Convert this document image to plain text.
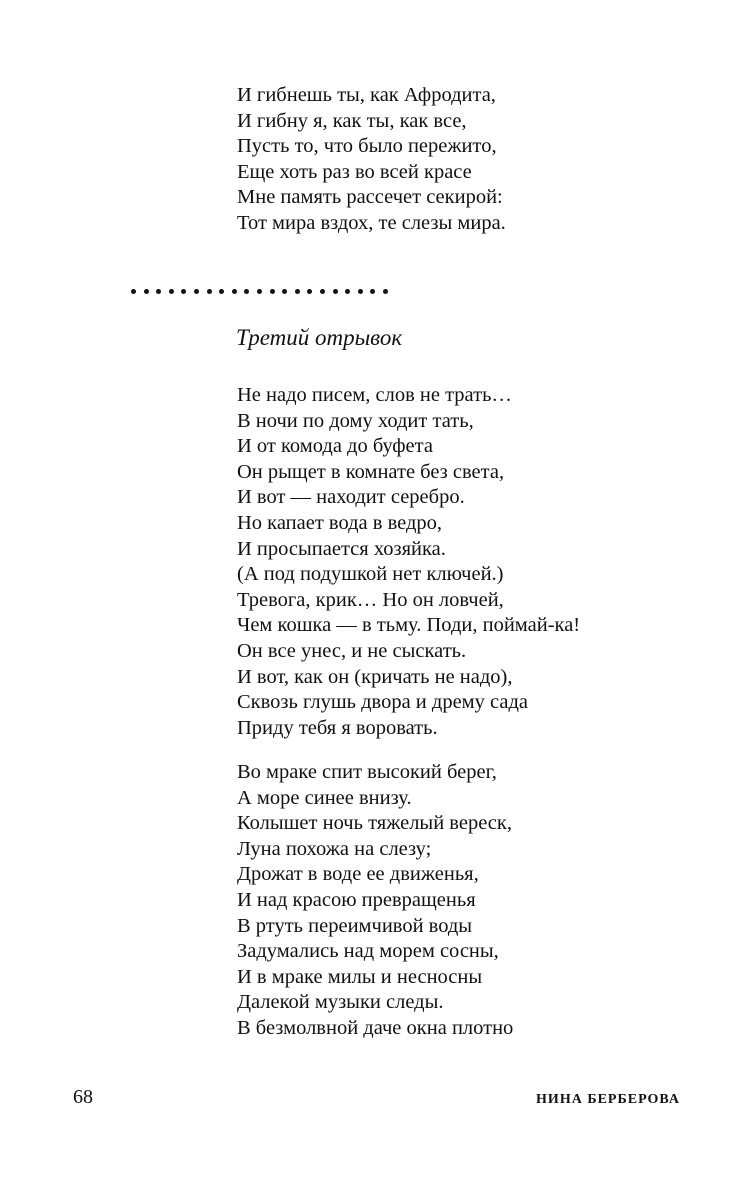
И гибнешь ты, как Афродита,
И гибну я, как ты, как все,
Пусть то, что было пережито,
Еще хоть раз во всей красе
Мне память рассечет секирой:
Тот мира вздох, те слезы мира.
Третий отрывок
Не надо писем, слов не трать…
В ночи по дому ходит тать,
И от комода до буфета
Он рыщет в комнате без света,
И вот — находит серебро.
Но капает вода в ведро,
И просыпается хозяйка.
(А под подушкой нет ключей.)
Тревога, крик… Но он ловчей,
Чем кошка — в тьму. Поди, поймай-ка!
Он все унес, и не сыскать.
И вот, как он (кричать не надо),
Сквозь глушь двора и дрему сада
Приду тебя я воровать.
Во мраке спит высокий берег,
А море синее внизу.
Колышет ночь тяжелый вереск,
Луна похожа на слезу;
Дрожат в воде ее движенья,
И над красою превращенья
В ртуть переимчивой воды
Задумались над морем сосны,
И в мраке милы и несносны
Далекой музыки следы.
В безмолвной даче окна плотно
68	НИНА БЕРБЕРОВА
